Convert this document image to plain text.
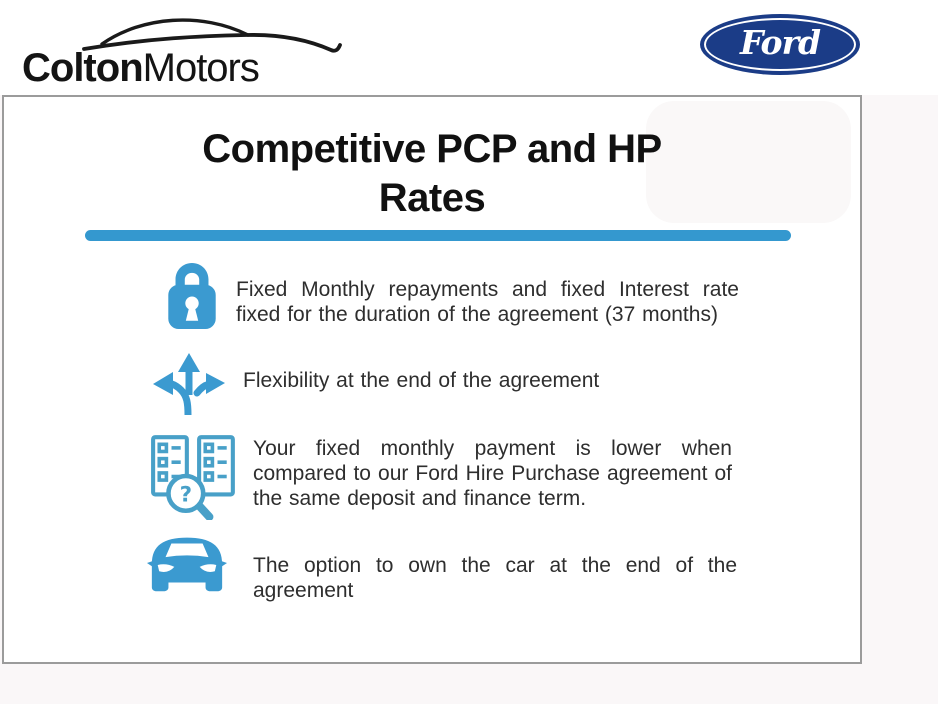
ColtonMotors
Ford
Competitive PCP and HP
Rates
Fixed Monthly repayments and fixed Interest rate
fixed for the duration of the agreement (37 months)
Flexibility at the end of the agreement
?
Your fixed monthly payment is lower when
compared to our Ford Hire Purchase agreement of
the same deposit and finance term.
The option to own the car at the end of the
agreement
